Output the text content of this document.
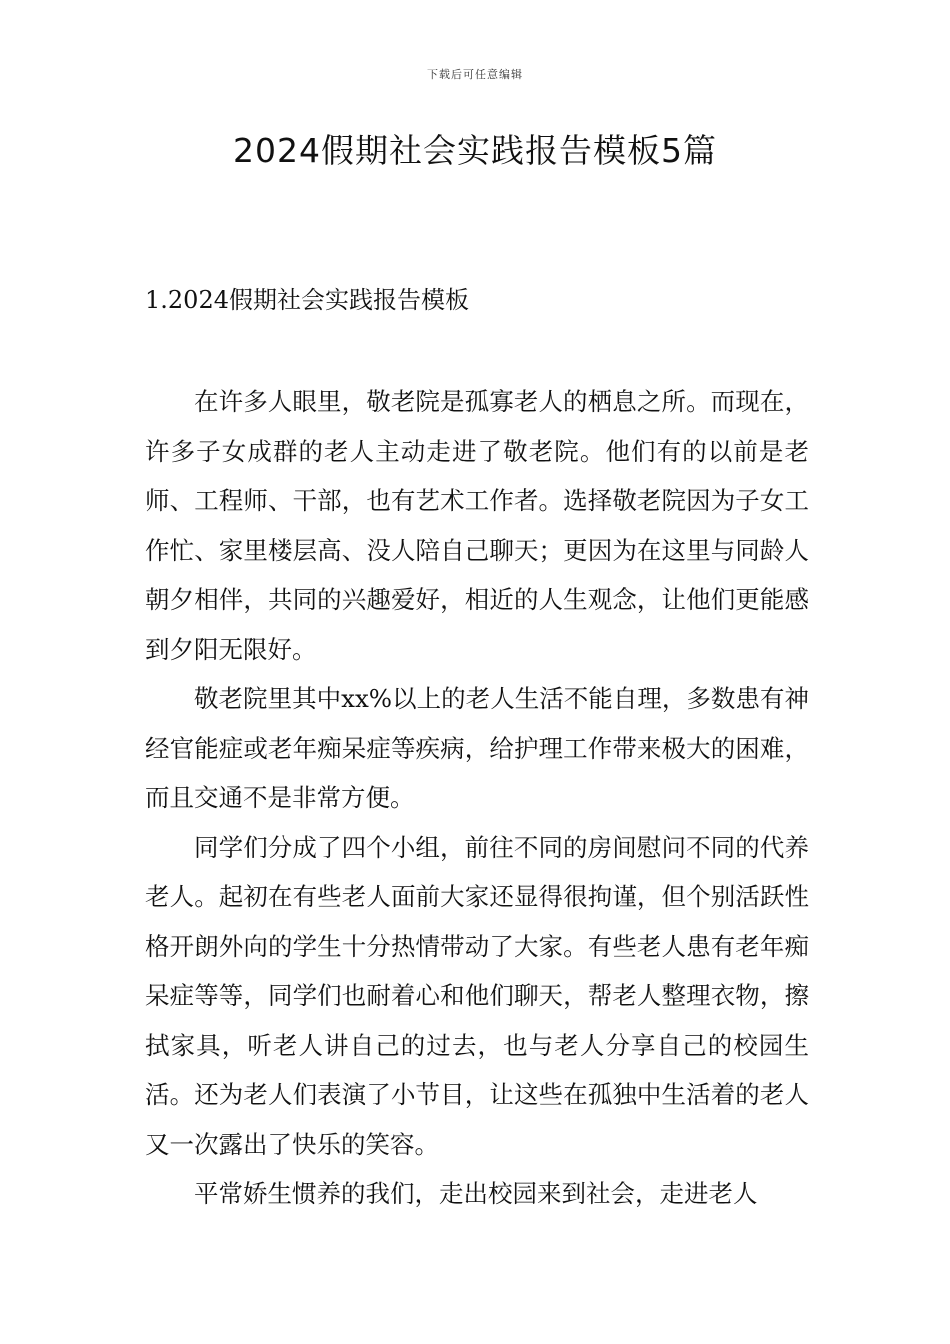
下载后可任意编辑
2024假期社会实践报告模板5篇
1.2024假期社会实践报告模板

在许多人眼里，敬老院是孤寡老人的栖息之所。而现在，许多子女成群的老人主动走进了敬老院。他们有的以前是老师、工程师、干部，也有艺术工作者。选择敬老院因为子女工作忙、家里楼层高、没人陪自己聊天；更因为在这里与同龄人朝夕相伴，共同的兴趣爱好，相近的人生观念，让他们更能感到夕阳无限好。

敬老院里其中xx%以上的老人生活不能自理，多数患有神经官能症或老年痴呆症等疾病，给护理工作带来极大的困难，而且交通不是非常方便。

同学们分成了四个小组，前往不同的房间慰问不同的代养老人。起初在有些老人面前大家还显得很拘谨，但个别活跃性格开朗外向的学生十分热情带动了大家。有些老人患有老年痴呆症等等，同学们也耐着心和他们聊天，帮老人整理衣物，擦拭家具，听老人讲自己的过去，也与老人分享自己的校园生活。还为老人们表演了小节目，让这些在孤独中生活着的老人又一次露出了快乐的笑容。

平常娇生惯养的我们，走出校园来到社会，走进老人
